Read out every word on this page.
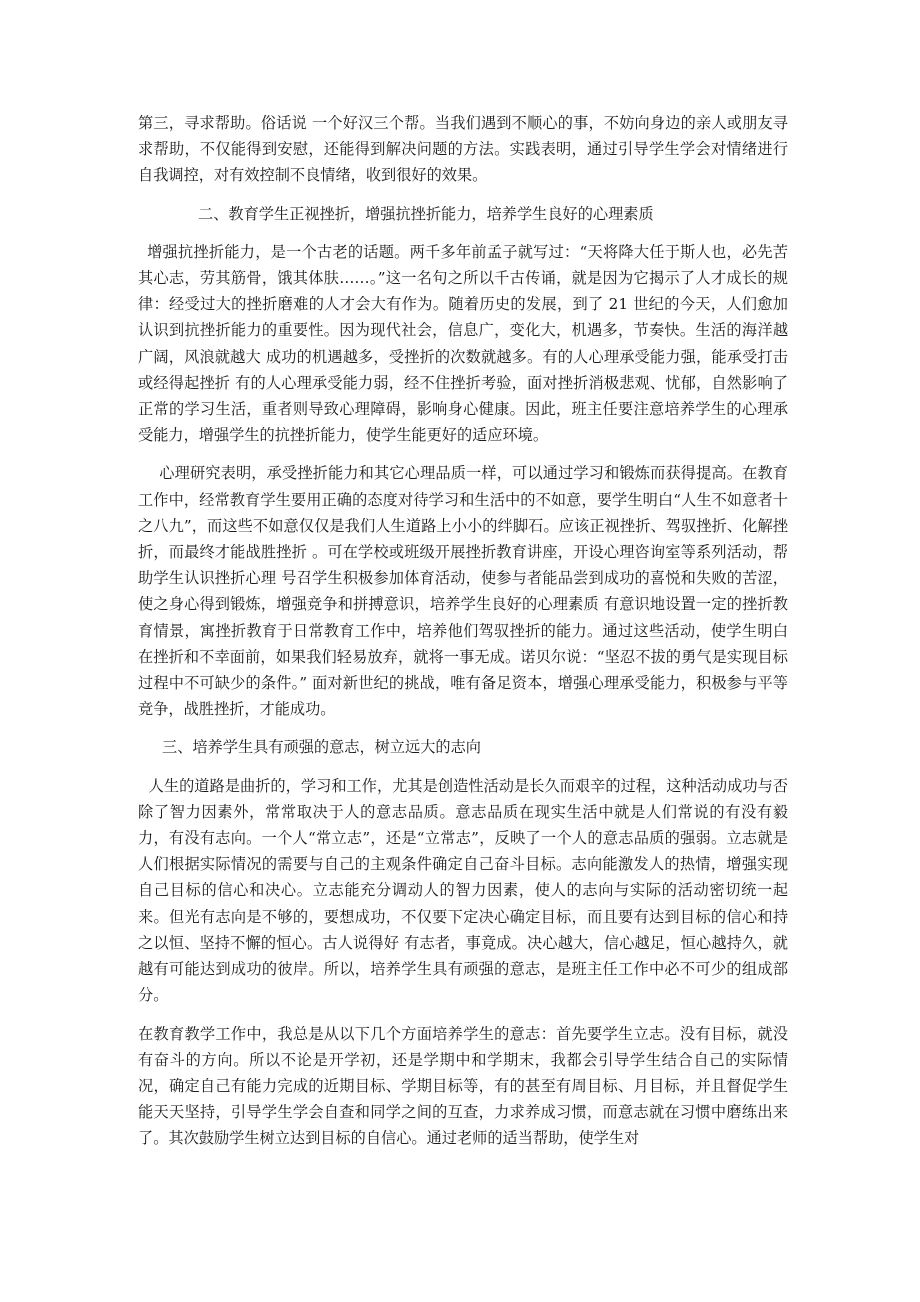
第三，寻求帮助。俗话说 一个好汉三个帮。当我们遇到不顺心的事，不妨向身边的亲人或朋友寻求帮助，不仅能得到安慰，还能得到解决问题的方法。实践表明，通过引导学生学会对情绪进行自我调控，对有效控制不良情绪，收到很好的效果。

二、教育学生正视挫折，增强抗挫折能力，培养学生良好的心理素质

增强抗挫折能力，是一个古老的话题。两千多年前孟子就写过：“天将降大任于斯人也，必先苦其心志，劳其筋骨，饿其体肤……。”这一名句之所以千古传诵，就是因为它揭示了人才成长的规律：经受过大的挫折磨难的人才会大有作为。随着历史的发展，到了 21 世纪的今天，人们愈加认识到抗挫折能力的重要性。因为现代社会，信息广，变化大，机遇多，节奏快。生活的海洋越广阔，风浪就越大 成功的机遇越多，受挫折的次数就越多。有的人心理承受能力强，能承受打击或经得起挫折 有的人心理承受能力弱，经不住挫折考验，面对挫折消极悲观、忧郁，自然影响了正常的学习生活，重者则导致心理障碍，影响身心健康。因此，班主任要注意培养学生的心理承受能力，增强学生的抗挫折能力，使学生能更好的适应环境。

心理研究表明，承受挫折能力和其它心理品质一样，可以通过学习和锻炼而获得提高。在教育工作中，经常教育学生要用正确的态度对待学习和生活中的不如意，要学生明白“人生不如意者十之八九”，而这些不如意仅仅是我们人生道路上小小的绊脚石。应该正视挫折、驾驭挫折、化解挫折，而最终才能战胜挫折 。可在学校或班级开展挫折教育讲座，开设心理咨询室等系列活动，帮助学生认识挫折心理 号召学生积极参加体育活动，使参与者能品尝到成功的喜悦和失败的苦涩，使之身心得到锻炼，增强竞争和拼搏意识，培养学生良好的心理素质 有意识地设置一定的挫折教育情景，寓挫折教育于日常教育工作中，培养他们驾驭挫折的能力。通过这些活动，使学生明白在挫折和不幸面前，如果我们轻易放弃，就将一事无成。诺贝尔说：“坚忍不拔的勇气是实现目标过程中不可缺少的条件。” 面对新世纪的挑战，唯有备足资本，增强心理承受能力，积极参与平等竞争，战胜挫折，才能成功。

三、培养学生具有顽强的意志，树立远大的志向

人生的道路是曲折的，学习和工作，尤其是创造性活动是长久而艰辛的过程，这种活动成功与否除了智力因素外，常常取决于人的意志品质。意志品质在现实生活中就是人们常说的有没有毅力，有没有志向。一个人“常立志”，还是“立常志”，反映了一个人的意志品质的强弱。立志就是人们根据实际情况的需要与自己的主观条件确定自己奋斗目标。志向能激发人的热情，增强实现自己目标的信心和决心。立志能充分调动人的智力因素，使人的志向与实际的活动密切统一起来。但光有志向是不够的，要想成功，不仅要下定决心确定目标，而且要有达到目标的信心和持之以恒、坚持不懈的恒心。古人说得好 有志者，事竟成。决心越大，信心越足，恒心越持久，就越有可能达到成功的彼岸。所以，培养学生具有顽强的意志，是班主任工作中必不可少的组成部分。

在教育教学工作中，我总是从以下几个方面培养学生的意志：首先要学生立志。没有目标，就没有奋斗的方向。所以不论是开学初，还是学期中和学期末，我都会引导学生结合自己的实际情况，确定自己有能力完成的近期目标、学期目标等，有的甚至有周目标、月目标，并且督促学生能天天坚持，引导学生学会自查和同学之间的互查，力求养成习惯，而意志就在习惯中磨练出来了。其次鼓励学生树立达到目标的自信心。通过老师的适当帮助，使学生对
